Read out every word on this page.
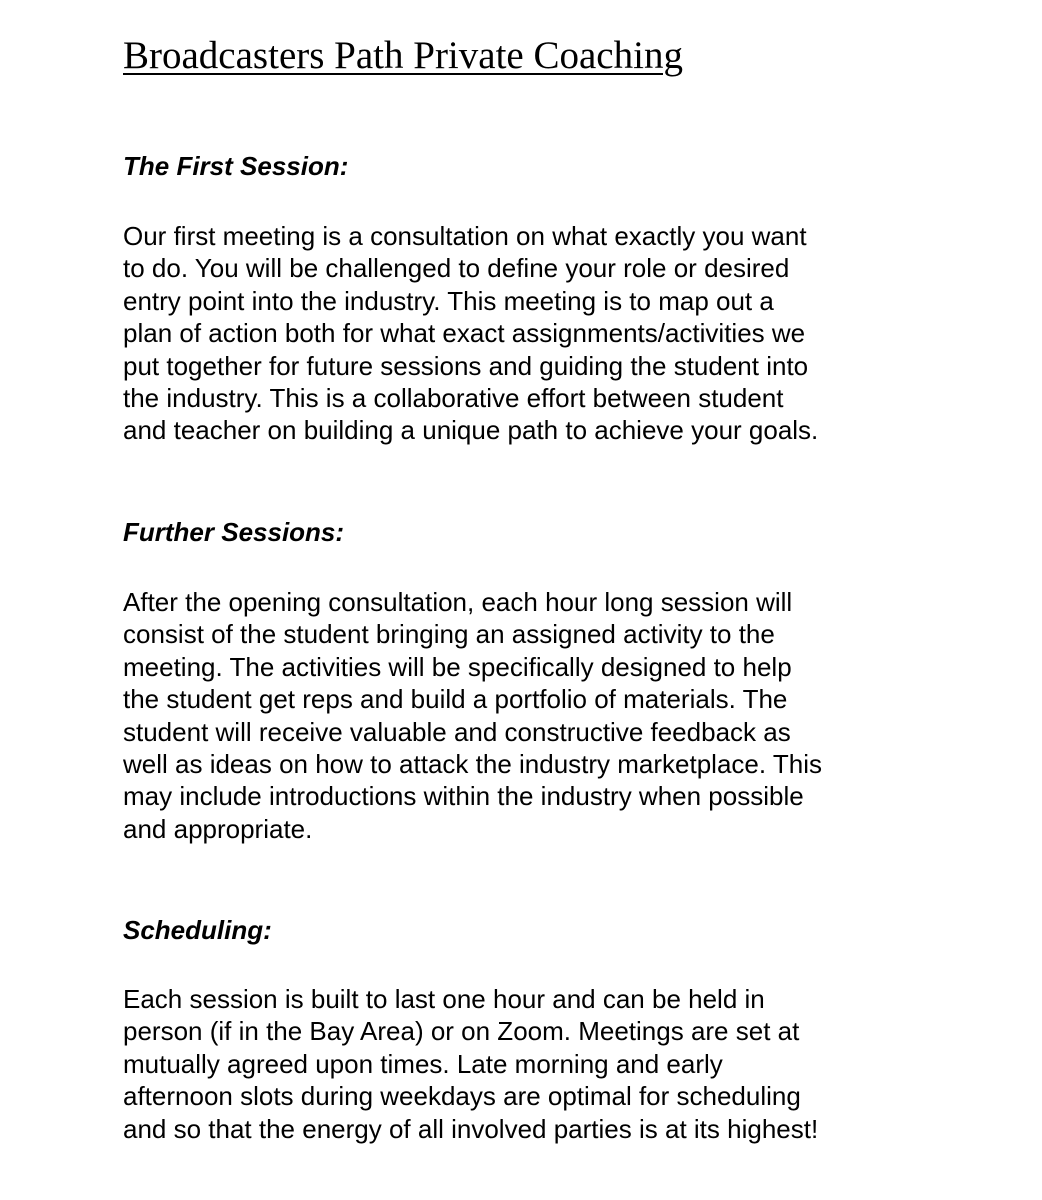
Broadcasters Path Private Coaching
The First Session:

Our first meeting is a consultation on what exactly you want
to do. You will be challenged to define your role or desired
entry point into the industry. This meeting is to map out a
plan of action both for what exact assignments/activities we
put together for future sessions and guiding the student into
the industry. This is a collaborative effort between student
and teacher on building a unique path to achieve your goals.

Further Sessions:

After the opening consultation, each hour long session will
consist of the student bringing an assigned activity to the
meeting. The activities will be specifically designed to help
the student get reps and build a portfolio of materials. The
student will receive valuable and constructive feedback as
well as ideas on how to attack the industry marketplace. This
may include introductions within the industry when possible
and appropriate.

Scheduling:

Each session is built to last one hour and can be held in
person (if in the Bay Area) or on Zoom. Meetings are set at
mutually agreed upon times. Late morning and early
afternoon slots during weekdays are optimal for scheduling
and so that the energy of all involved parties is at its highest!
